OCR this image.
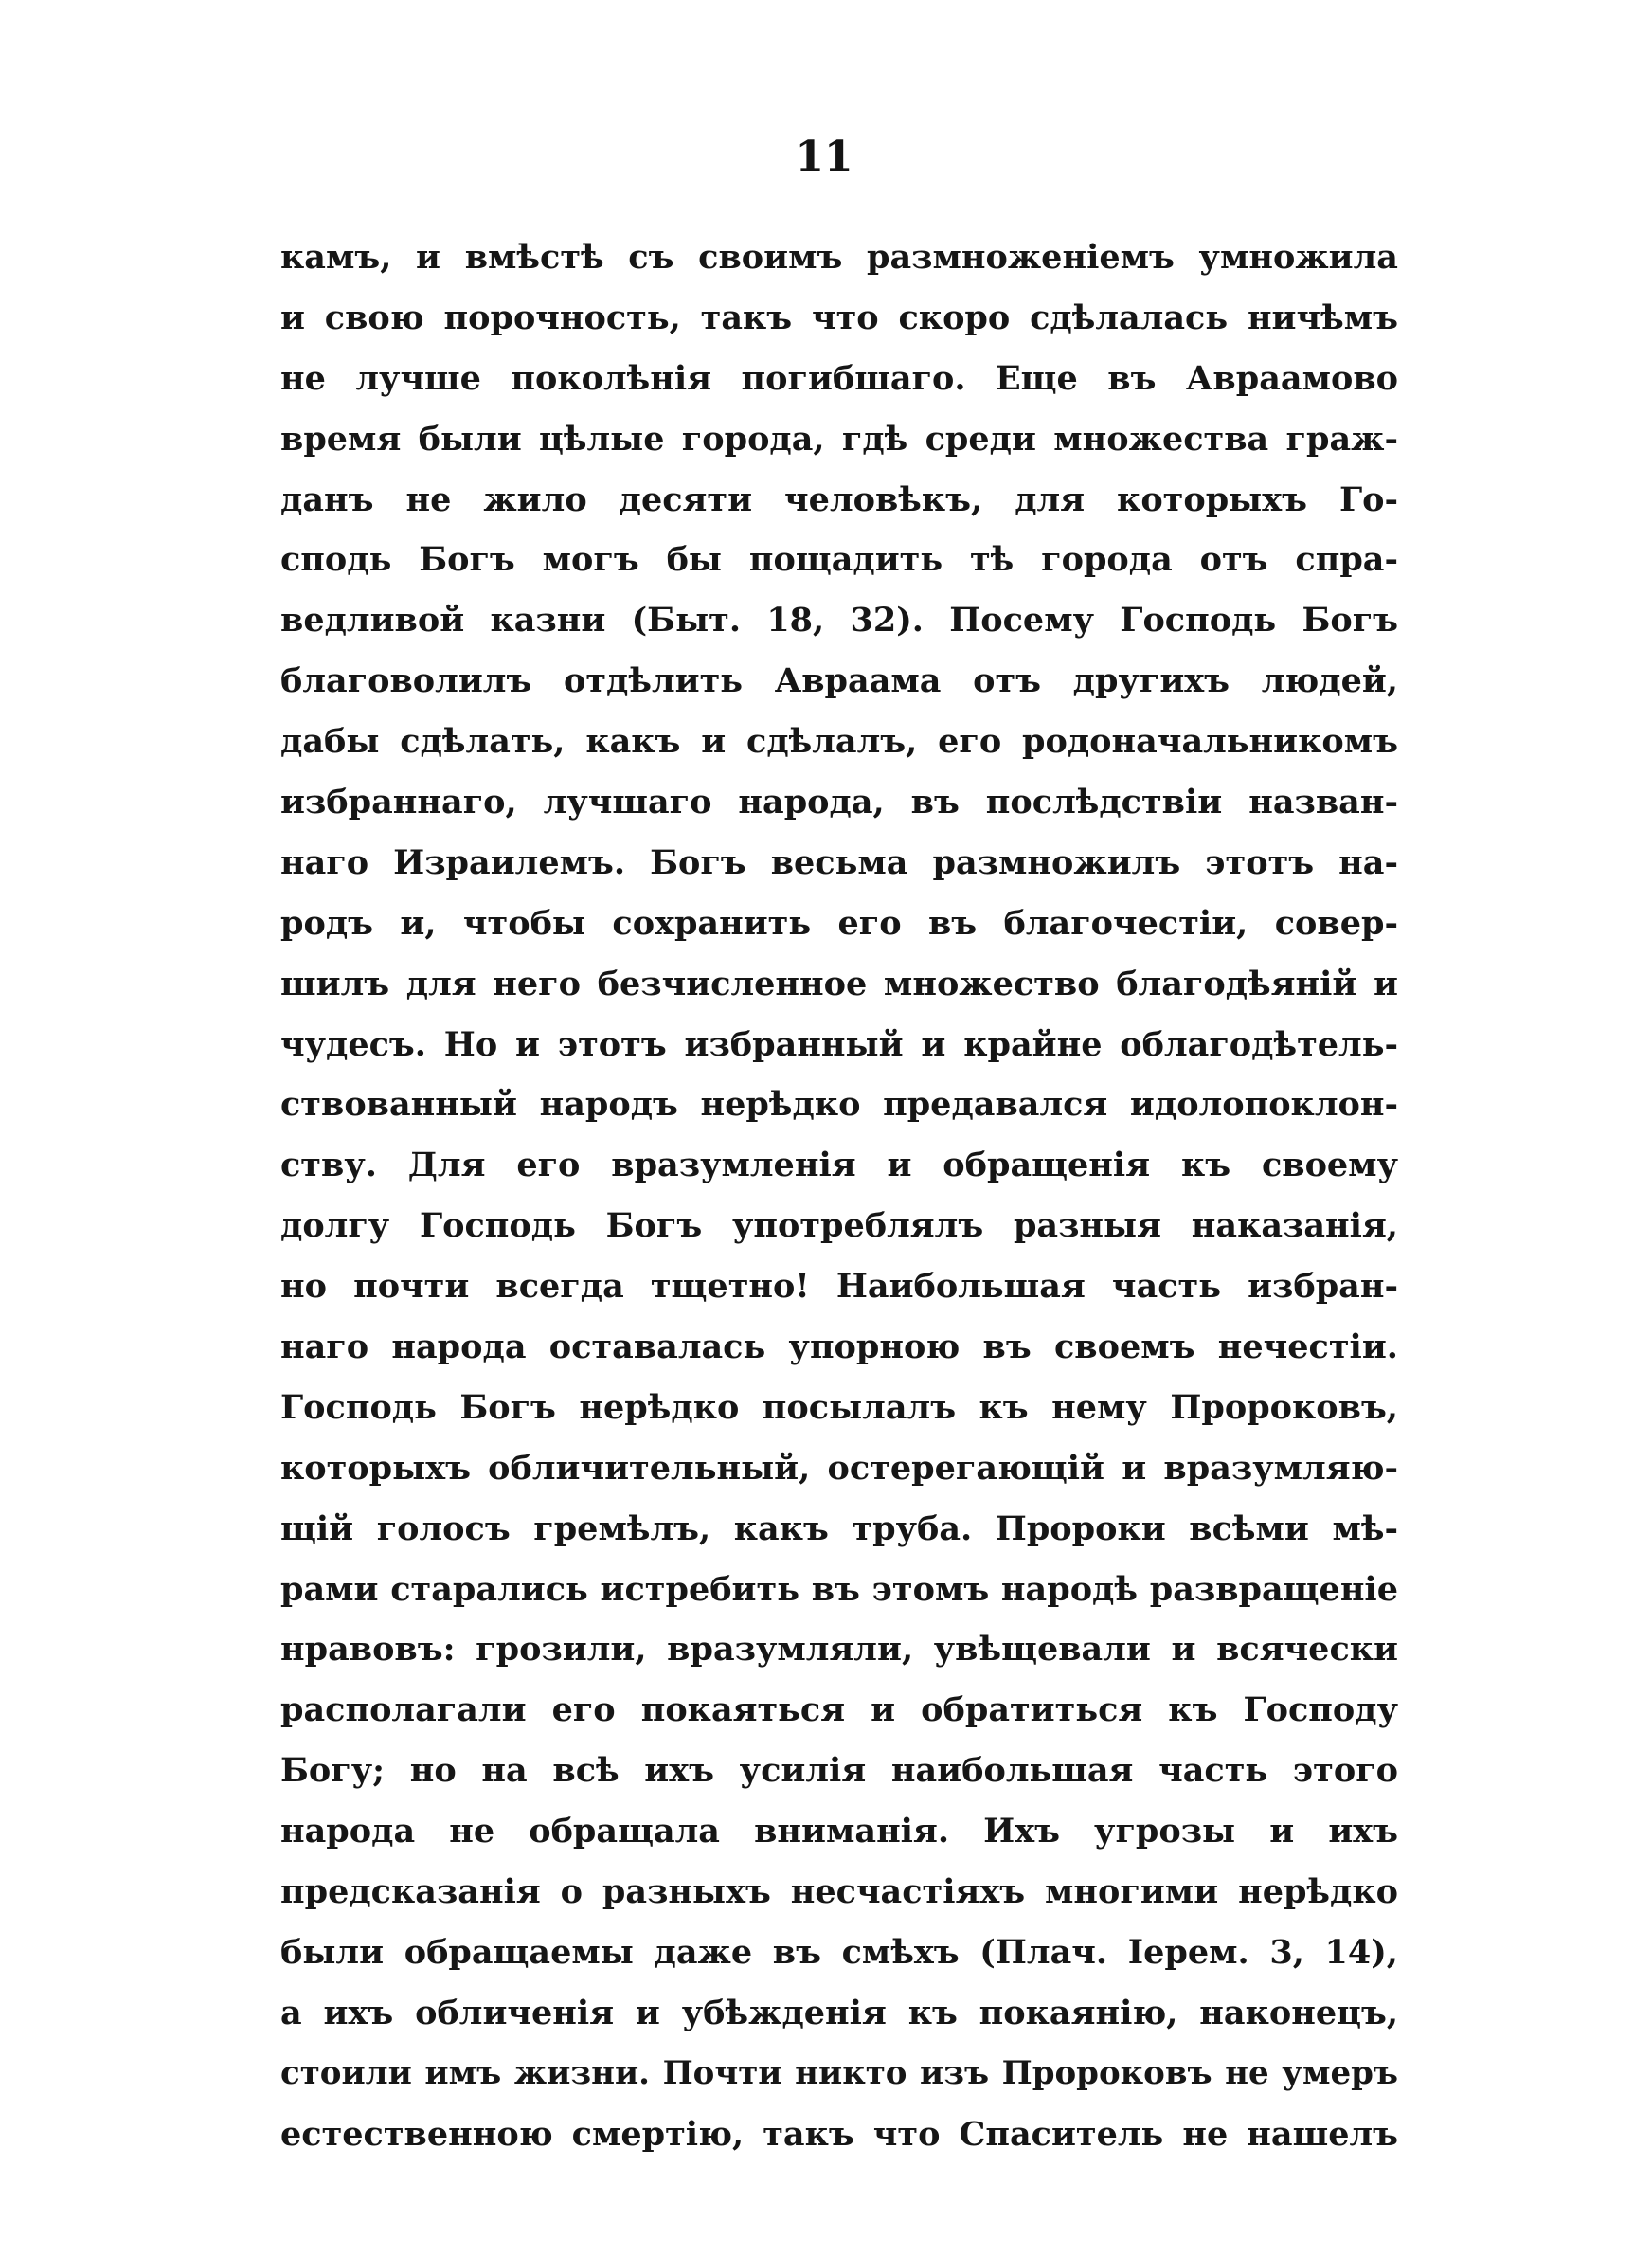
11
камъ, и вмѣстѣ съ своимъ размноженіемъ умножила
и свою порочность, такъ что скоро сдѣлалась ничѣмъ
не лучше поколѣнія погибшаго. Еще въ Авраамово
время были цѣлые города, гдѣ среди множества граж-
данъ не жило десяти человѣкъ, для которыхъ Го-
сподь Богъ могъ бы пощадить тѣ города отъ спра-
ведливой казни (Быт. 18, 32). Посему Господь Богъ
благоволилъ отдѣлить Авраама отъ другихъ людей,
дабы сдѣлать, какъ и сдѣлалъ, его родоначальникомъ
избраннаго, лучшаго народа, въ послѣдствіи назван-
наго Израилемъ. Богъ весьма размножилъ этотъ на-
родъ и, чтобы сохранить его въ благочестіи, совер-
шилъ для него безчисленное множество благодѣяній и
чудесъ. Но и этотъ избранный и крайне облагодѣтель-
ствованный народъ нерѣдко предавался идолопоклон-
ству. Для его вразумленія и обращенія къ своему
долгу Господь Богъ употреблялъ разныя наказанія,
но почти всегда тщетно! Наибольшая часть избран-
наго народа оставалась упорною въ своемъ нечестіи.
Господь Богъ нерѣдко посылалъ къ нему Пророковъ,
которыхъ обличительный, остерегающій и вразумляю-
щій голосъ гремѣлъ, какъ труба. Пророки всѣми мѣ-
рами старались истребить въ этомъ народѣ развращеніе
нравовъ: грозили, вразумляли, увѣщевали и всячески
располагали его покаяться и обратиться къ Господу
Богу; но на всѣ ихъ усилія наибольшая часть этого
народа не обращала вниманія. Ихъ угрозы и ихъ
предсказанія о разныхъ несчастіяхъ многими нерѣдко
были обращаемы даже въ смѣхъ (Плач. Іерем. 3, 14),
а ихъ обличенія и убѣжденія къ покаянію, наконецъ,
стоили имъ жизни. Почти никто изъ Пророковъ не умеръ
естественною смертію, такъ что Спаситель не нашелъ
